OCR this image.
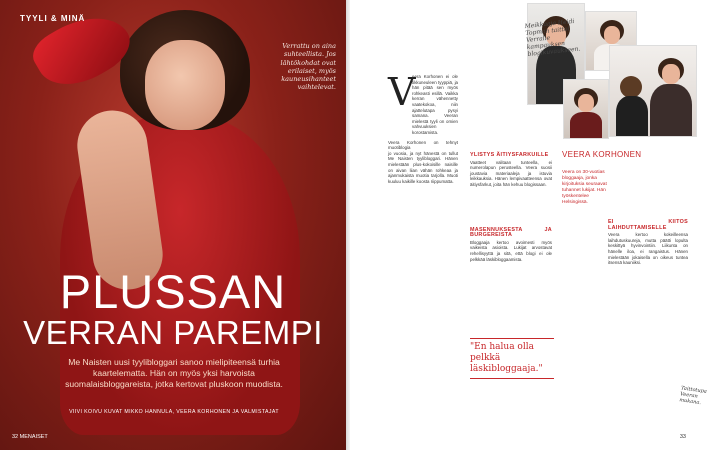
TYYLI & MINÄ
Verrattu on aina suhteellista. Jos lähtökohdat ovat erilaiset, myös kauneusihanteet vaihtelevat.
PLUSSAN
VERRAN PAREMPI
Me Naisten uusi tyylibloggari sanoo mielipiteensä turhia kaartelematta. Hän on myös yksi harvoista suomalaisbloggareista, jotka kertovat pluskoon muodista.
VIIVI KOIVU KUVAT MIKKO HANNULA, VEERA KORHONEN JA VALMISTAJAT
32 MENAISET
Meikkaaja Heidi Topman taittoi Verralle kampauksen blogikuvaukseen.
V
eera Korhonen ei ole tikkuneuleen tyyppiä, ja hän pitää sen myös rohkeasti esillä. Vaikka kerran vähennetty vaatekokoa, niin ajattelutapa pysyi samana. Veeran mielestä tyyli on omien vahvuuksien korostamista.
Veera Korhonen on tehnyt muotiblogia
jo vuosia, ja nyt hänestä on tullut Me Naisten tyylibloggari. Hänen mielestään plus-kokoisille naisille on aivan liian vähän rohkeaa ja ajanmukaista muotia tarjolla. Muoti kuuluu kaikille koosta riippumatta.
YLISTYS ÄITIYSFARKUILLE
Vaatteet valitaan tunteella, ei numerolapun perusteella. Veera suosii joustavia materiaaleja ja istuvia leikkauksia. Hänen lempivaatteensa ovat äitiysfarkut, joita hän kehuu blogissaan.
MASENNUKSESTA JA BURGEREISTA
Bloggaaja kertoo avoimesti myös vaikeista asioista. Lukijat arvostavat rehellisyyttä ja sitä, että blogi ei ole pelkkää läskibloggaamista.
"En halua olla pelkkä läskibloggaaja."
VEERA KORHONEN
Veera on 30-vuotias bloggaaja, jonka kirjoituksia seuraavat tuhannet lukijat. Hän työskentelee Helsingissä.
EI KIITOS LAIHDUTTAMISELLE
Veera kertoo kokeilleensa laihdutuskuureja, mutta päätti lopulta keskittyä hyvinvointiin. Liikunta on hänelle iloa, ei rangaistus. Hänen mielestään jokaisella on oikeus tuntea itsensä kauniiksi.
Taittotupa Veeran mukana.
33
